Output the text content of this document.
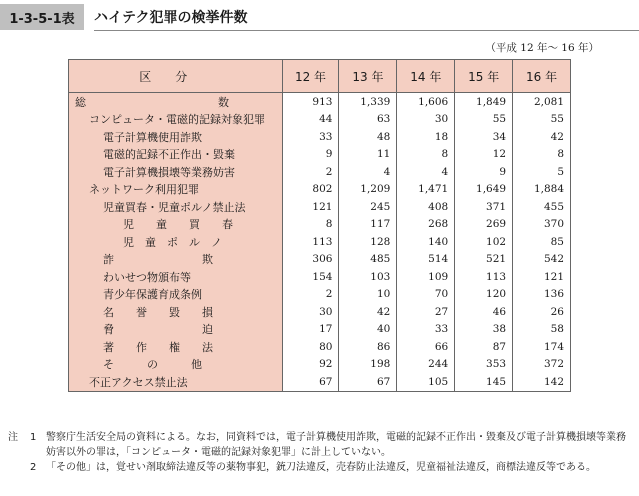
1-3-5-1表	ハイテク犯罪の検挙件数
（平成 12 年～ 16 年）
区分	12 年	13 年	14 年	15 年	16 年
総　　　　　　　　　　　　数	913	1,339	1,606	1,849	2,081
コンピュータ・電磁的記録対象犯罪	44	63	30	55	55
電子計算機使用詐欺	33	48	18	34	42
電磁的記録不正作出・毀棄	9	11	8	12	8
電子計算機損壊等業務妨害	2	4	4	9	5
ネットワーク利用犯罪	802	1,209	1,471	1,649	1,884
児童買春・児童ポルノ禁止法	121	245	408	371	455
児　　童　　買　　春	8	117	268	269	370
児　童　ポ　ル　ノ	113	128	140	102	85
詐　　　　　　　　欺	306	485	514	521	542
わいせつ物頒布等	154	103	109	113	121
青少年保護育成条例	2	10	70	120	136
名　　誉　　毀　　損	30	42	27	46	26
脅　　　　　　　　迫	17	40	33	38	58
著　　作　　権　　法	80	86	66	87	174
そ　　　の　　　他	92	198	244	353	372
不正アクセス禁止法	67	67	105	145	142
注	1 警察庁生活安全局の資料による。なお，同資料では，電子計算機使用詐欺，電磁的記録不正作出・毀棄及び電子計算機損壊等業務妨害以外の罪は，「コンピュータ・電磁的記録対象犯罪」に計上していない。
2 「その他」は，覚せい剤取締法違反等の薬物事犯，銃刀法違反，売春防止法違反，児童福祉法違反，商標法違反等である。
